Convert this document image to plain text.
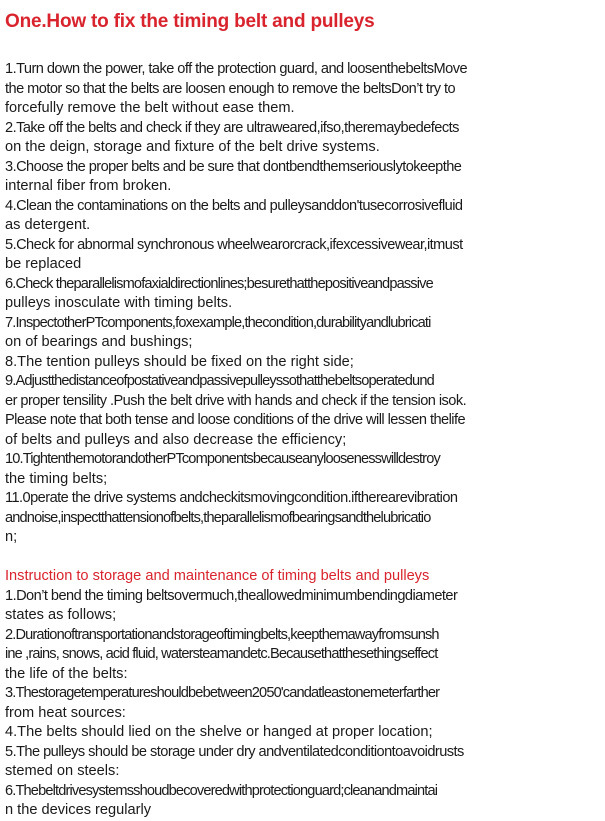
One.How to fix the timing belt and pulleys
1.Turn down the power, take off the protection guard, and loosenthebeltsMove
the motor so that the belts are loosen enough to remove the beltsDon’t try to
forcefully remove the belt without ease them.
2.Take off the belts and check if they are ultraweared,ifso,theremaybedefects
on the deign, storage and fixture of the belt drive systems.
3.Choose the proper belts and be sure that dontbendthemseriouslytokeepthe
internal fiber from broken.
4.Clean the contaminations on the belts and pulleysanddon'tusecorrosivefluid
as detergent.
5.Check for abnormal synchronous wheelwearorcrack,ifexcessivewear,itmust
be replaced
6.Check theparallelismofaxialdirectionlines;besurethatthepositiveandpassive
pulleys inosculate with timing belts.
7.InspectotherPTcomponents,foxexample,thecondition,durabilityandlubricati
on of bearings and bushings;
8.The tention pulleys should be fixed on the right side;
9.Adjustthedistanceofpostativeandpassivepulleyssothatthebeltsoperatedund
er proper tensility .Push the belt drive with hands and check if the tension isok.
Please note that both tense and loose conditions of the drive will lessen thelife
of belts and pulleys and also decrease the efficiency;
10.TightenthemotorandotherPTcomponentsbecauseanyloosenesswilldestroy
the timing belts;
11.0perate the drive systems andcheckitsmovingcondition.iftherearevibration
andnoise,inspectthattensionofbelts,theparallelismofbearingsandthelubricatio
n;
Instruction to storage and maintenance of timing belts and pulleys
1.Don’t bend the timing beltsovermuch,theallowedminimumbendingdiameter
states as follows;
2.Durationoftransportationandstorageoftimingbelts,keepthemawayfromsunsh
ine ,rains, snows, acid fluid, watersteamandetc.Becausethatthesethingseffect
the life of the belts:
3.Thestoragetemperatureshouldbebetween2050'candatleastonemeterfarther
from heat sources:
4.The belts should lied on the shelve or hanged at proper location;
5.The pulleys should be storage under dry andventilatedconditiontoavoidrusts
stemed on steels:
6.Thebeltdrivesystemsshoudbecoveredwithprotectionguard;cleanandmaintai
n the devices regularly
